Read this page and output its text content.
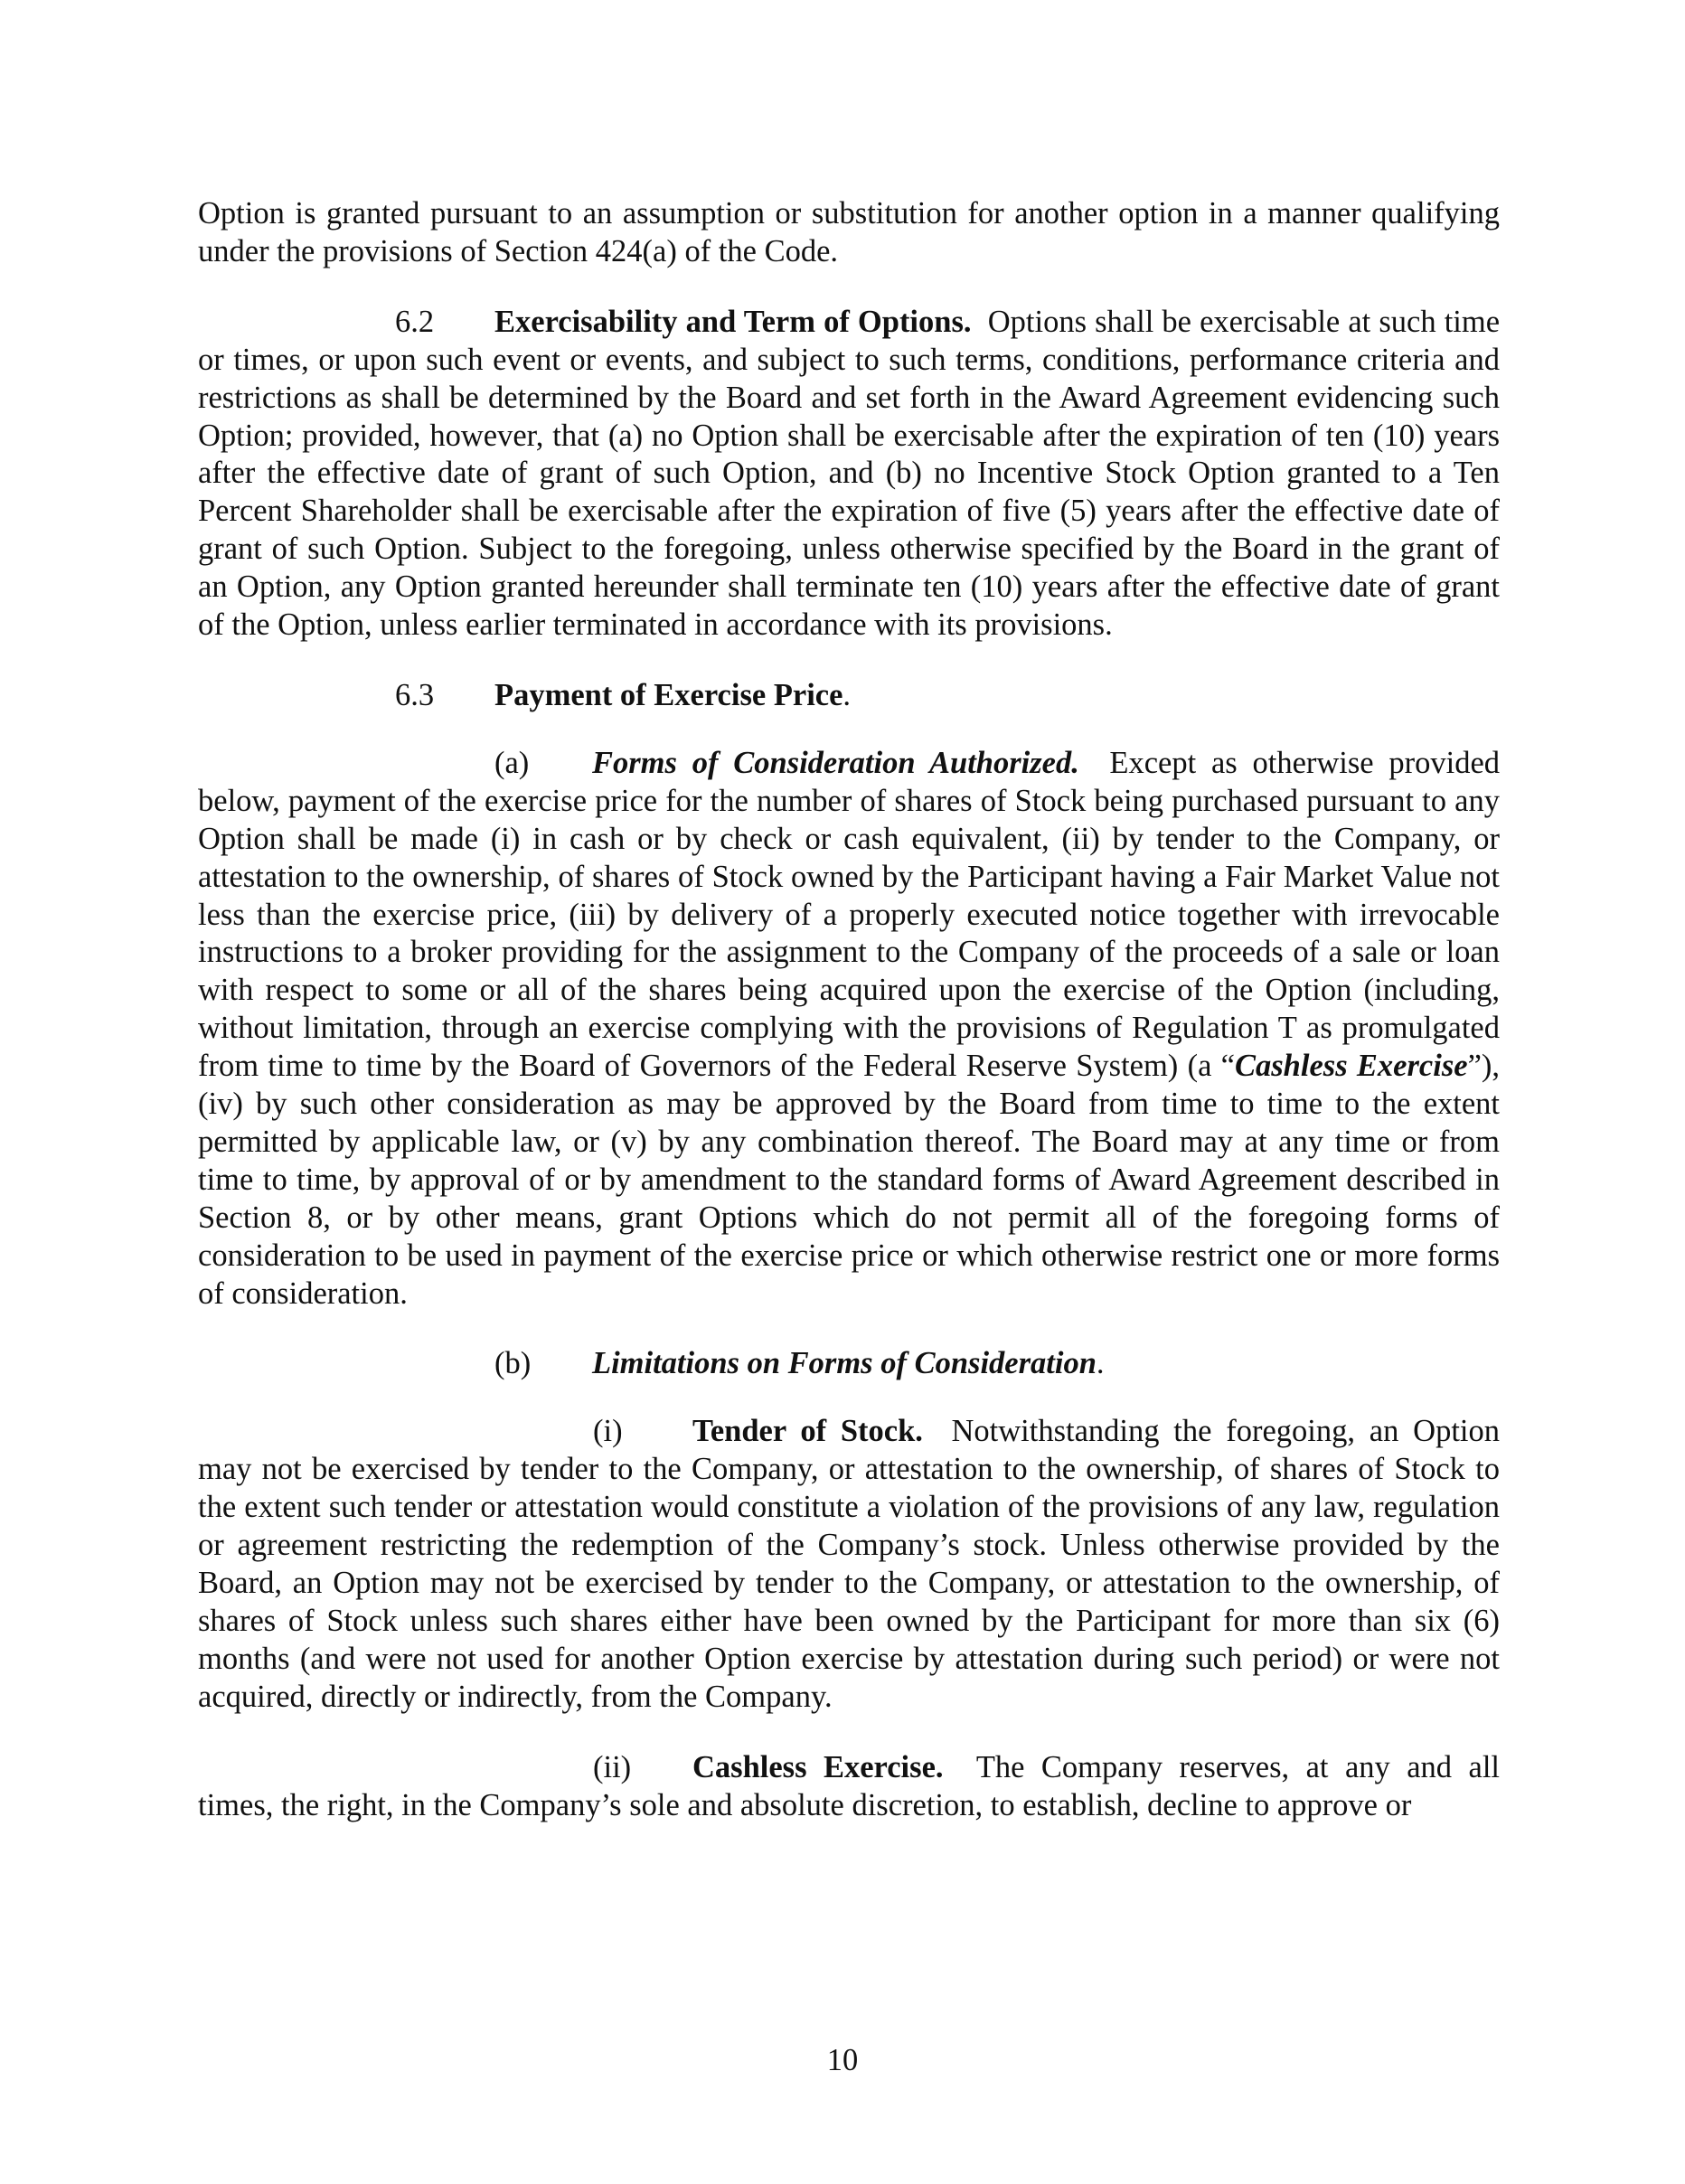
Option is granted pursuant to an assumption or substitution for another option in a manner qualifying under the provisions of Section 424(a) of the Code.

6.2 Exercisability and Term of Options. Options shall be exercisable at such time or times, or upon such event or events, and subject to such terms, conditions, performance criteria and restrictions as shall be determined by the Board and set forth in the Award Agreement evidencing such Option; provided, however, that (a) no Option shall be exercisable after the expiration of ten (10) years after the effective date of grant of such Option, and (b) no Incentive Stock Option granted to a Ten Percent Shareholder shall be exercisable after the expiration of five (5) years after the effective date of grant of such Option. Subject to the foregoing, unless otherwise specified by the Board in the grant of an Option, any Option granted hereunder shall terminate ten (10) years after the effective date of grant of the Option, unless earlier terminated in accordance with its provisions.

6.3 Payment of Exercise Price.

(a) Forms of Consideration Authorized. Except as otherwise provided below, payment of the exercise price for the number of shares of Stock being purchased pursuant to any Option shall be made (i) in cash or by check or cash equivalent, (ii) by tender to the Company, or attestation to the ownership, of shares of Stock owned by the Participant having a Fair Market Value not less than the exercise price, (iii) by delivery of a properly executed notice together with irrevocable instructions to a broker providing for the assignment to the Company of the proceeds of a sale or loan with respect to some or all of the shares being acquired upon the exercise of the Option (including, without limitation, through an exercise complying with the provisions of Regulation T as promulgated from time to time by the Board of Governors of the Federal Reserve System) (a “Cashless Exercise”), (iv) by such other consideration as may be approved by the Board from time to time to the extent permitted by applicable law, or (v) by any combination thereof. The Board may at any time or from time to time, by approval of or by amendment to the standard forms of Award Agreement described in Section 8, or by other means, grant Options which do not permit all of the foregoing forms of consideration to be used in payment of the exercise price or which otherwise restrict one or more forms of consideration.

(b) Limitations on Forms of Consideration.

(i) Tender of Stock. Notwithstanding the foregoing, an Option may not be exercised by tender to the Company, or attestation to the ownership, of shares of Stock to the extent such tender or attestation would constitute a violation of the provisions of any law, regulation or agreement restricting the redemption of the Company’s stock. Unless otherwise provided by the Board, an Option may not be exercised by tender to the Company, or attestation to the ownership, of shares of Stock unless such shares either have been owned by the Participant for more than six (6) months (and were not used for another Option exercise by attestation during such period) or were not acquired, directly or indirectly, from the Company.

(ii) Cashless Exercise. The Company reserves, at any and all times, the right, in the Company’s sole and absolute discretion, to establish, decline to approve or

10
